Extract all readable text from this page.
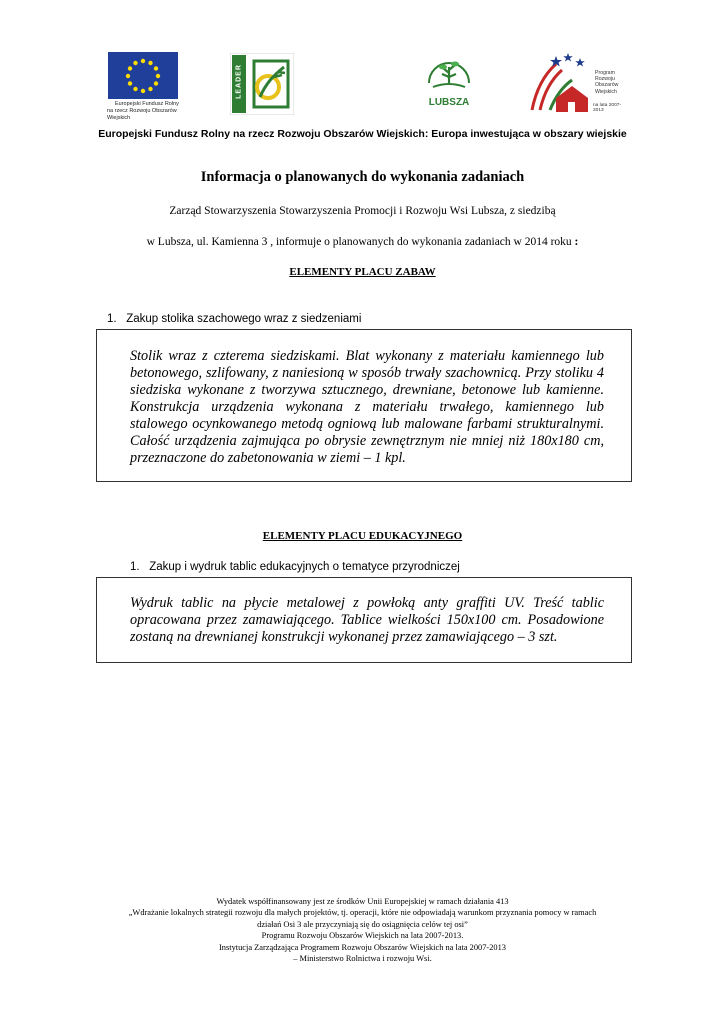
Europejski Fundusz Rolny
na rzecz Rozwoju Obszarów Wiejskich
LEADER
LUBSZA
Program
Rozwoju
Obszarów
Wiejskich
na lata 2007-2013
Europejski Fundusz Rolny na rzecz Rozwoju Obszarów Wiejskich: Europa inwestująca w obszary wiejskie
Informacja o planowanych do wykonania zadaniach
Zarząd Stowarzyszenia Stowarzyszenia Promocji i Rozwoju Wsi Lubsza, z siedzibą
w Lubsza, ul. Kamienna 3 , informuje o planowanych do wykonania zadaniach w 2014 roku :
ELEMENTY PLACU ZABAW
1. Zakup stolika szachowego wraz z siedzeniami
Stolik wraz z czterema siedziskami. Blat wykonany z materiału kamiennego lub betonowego, szlifowany, z naniesioną w sposób trwały szachownicą. Przy stoliku 4 siedziska wykonane z tworzywa sztucznego, drewniane, betonowe lub kamienne. Konstrukcja urządzenia wykonana z materiału trwałego, kamiennego lub stalowego ocynkowanego metodą ogniową lub malowane farbami strukturalnymi. Całość urządzenia zajmująca po obrysie zewnętrznym nie mniej niż 180x180 cm, przeznaczone do zabetonowania w ziemi – 1 kpl.
ELEMENTY PLACU EDUKACYJNEGO
1. Zakup i wydruk tablic edukacyjnych o tematyce przyrodniczej
Wydruk tablic na płycie metalowej z powłoką anty graffiti UV. Treść tablic opracowana przez zamawiającego. Tablice wielkości 150x100 cm. Posadowione zostaną na drewnianej konstrukcji wykonanej przez zamawiającego – 3 szt.
Wydatek współfinansowany jest ze środków Unii Europejskiej w ramach działania 413
„Wdrażanie lokalnych strategii rozwoju dla małych projektów, tj. operacji, które nie odpowiadają warunkom przyznania pomocy w ramach
działań Osi 3 ale przyczyniają się do osiągnięcia celów tej osi”
Programu Rozwoju Obszarów Wiejskich na lata 2007-2013.
Instytucja Zarządzająca Programem Rozwoju Obszarów Wiejskich na lata 2007-2013
– Ministerstwo Rolnictwa i rozwoju Wsi.
